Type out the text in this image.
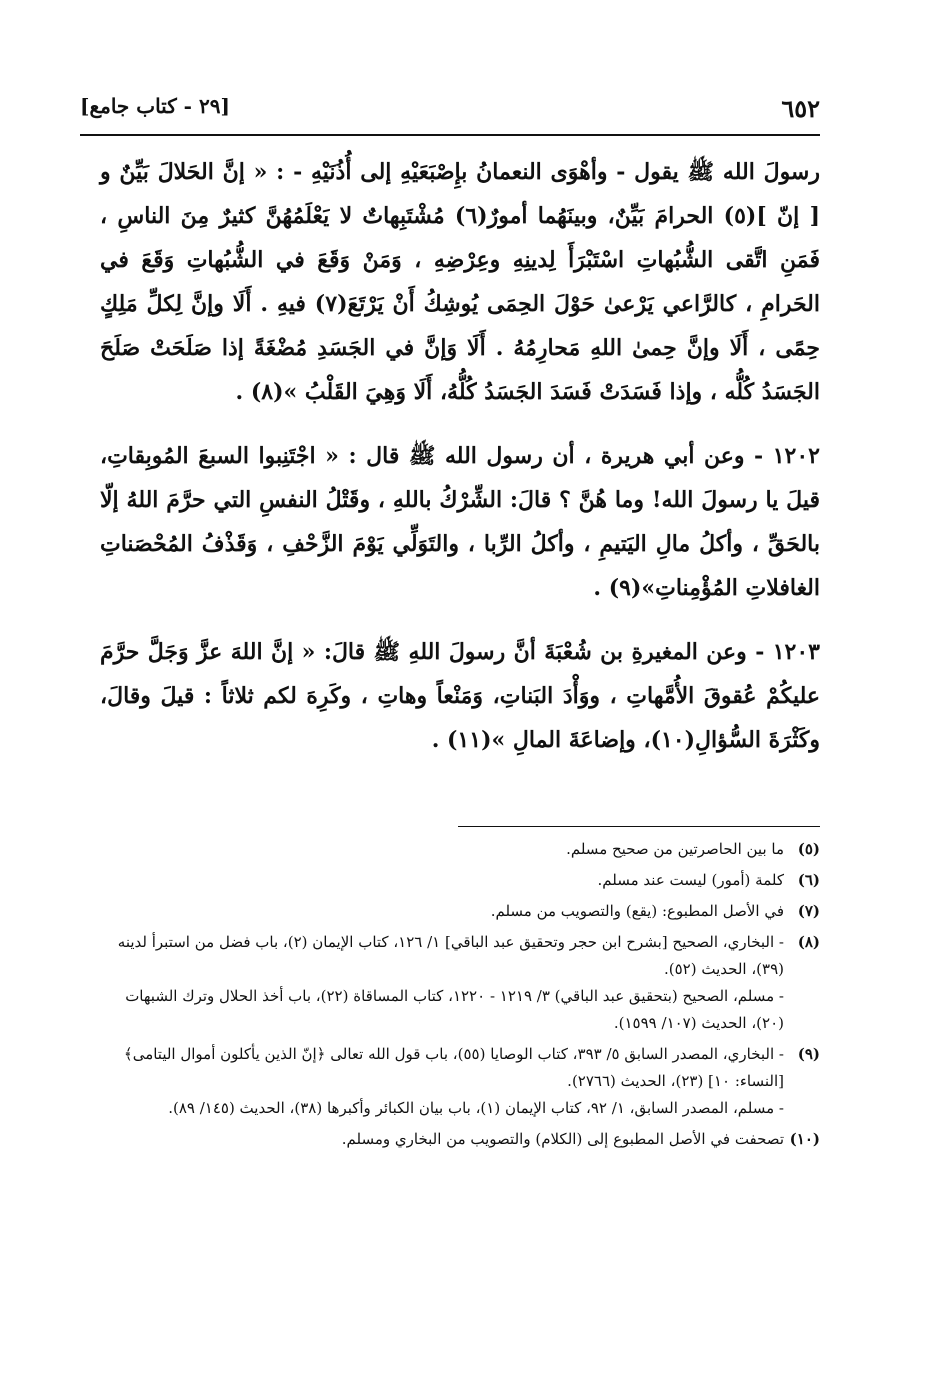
٦٥٢
[٢٩ - كتاب جامع]

رسولَ الله ﷺ يقول - وأهْوَى النعمانُ بإِصْبَعَيْهِ إلى أُذُنَيْهِ - : « إنَّ الحَلالَ بَيِّنٌ و [ إنّ ](٥) الحرامَ بَيِّنٌ، وبينَهُما أمورٌ(٦) مُشْتَبِهاتٌ لا يَعْلَمُهُنَّ كثيرٌ مِنَ الناسِ ، فَمَنِ اتَّقى الشُّبُهاتِ اسْتَبْرَأَ لِدينِهِ وعِرْضِهِ ، وَمَنْ وَقَعَ في الشُّبُهاتِ وَقَعَ في الحَرامِ ، كالرَّاعي يَرْعىٰ حَوْلَ الحِمَى يُوشِكُ أَنْ يَرْتَعَ(٧) فيهِ . أَلَا وإنَّ لِكلِّ مَلِكٍ حِمًى ، أَلَا وإنَّ حِمىٰ اللهِ مَحارِمُهُ . أَلَا وَإنَّ في الجَسَدِ مُضْغَةً إذا صَلَحَتْ صَلَحَ الجَسَدُ كُلُّه ، وإذا فَسَدَتْ فَسَدَ الجَسَدُ كُلُّهُ، أَلَا وَهِيَ القَلْبُ »(٨) .

١٢٠٢ - وعن أبي هريرة ، أن رسول الله ﷺ قال : « اجْتَنِبوا السبعَ المُوبِقاتِ، قيلَ يا رسولَ الله! وما هُنَّ ؟ قالَ: الشِّرْكُ باللهِ ، وقَتْلُ النفسِ التي حرَّمَ اللهُ إلّا بالحَقِّ ، وأكلُ مالِ اليَتيمِ ، وأكلُ الرِّبا ، والتَوَلِّي يَوْمَ الزَّحْفِ ، وَقَذْفُ المُحْصَناتِ الغافلاتِ المُؤْمِناتِ»(٩) .

١٢٠٣ - وعن المغيرةِ بن شُعْبَةَ أنَّ رسولَ اللهِ ﷺ قالَ: « إنَّ اللهَ عزَّ وَجَلَّ حرَّمَ عليكُمْ عُقوقَ الأُمَّهاتِ ، ووَأْدَ البَناتِ، وَمَنْعاً وهاتِ ، وكَرِهَ لكم ثلاثاً : قيلَ وقالَ، وكَثْرَةَ السُّؤالِ(١٠)، وإضاعَةَ المالِ »(١١) .

(٥)
ما بين الحاصرتين من صحيح مسلم.
(٦)
كلمة (أمور) ليست عند مسلم.
(٧)
في الأصل المطبوع: (يقع) والتصويب من مسلم.
(٨)
- البخاري، الصحيح [بشرح ابن حجر وتحقيق عبد الباقي] ١/ ١٢٦، كتاب الإيمان (٢)، باب فضل من استبرأ لدينه (٣٩)، الحديث (٥٢).
- مسلم، الصحيح (بتحقيق عبد الباقي) ٣/ ١٢١٩ - ١٢٢٠، كتاب المساقاة (٢٢)، باب أخذ الحلال وترك الشبهات (٢٠)، الحديث (١٠٧/ ١٥٩٩).
(٩)
- البخاري، المصدر السابق ٥/ ٣٩٣، كتاب الوصايا (٥٥)، باب قول الله تعالى ﴿إنّ الذين يأكلون أموال اليتامى﴾ [النساء: ١٠] (٢٣)، الحديث (٢٧٦٦).
- مسلم، المصدر السابق، ١/ ٩٢، كتاب الإيمان (١)، باب بيان الكبائر وأكبرها (٣٨)، الحديث (١٤٥/ ٨٩).
(١٠)
تصحفت في الأصل المطبوع إلى (الكلام) والتصويب من البخاري ومسلم.
